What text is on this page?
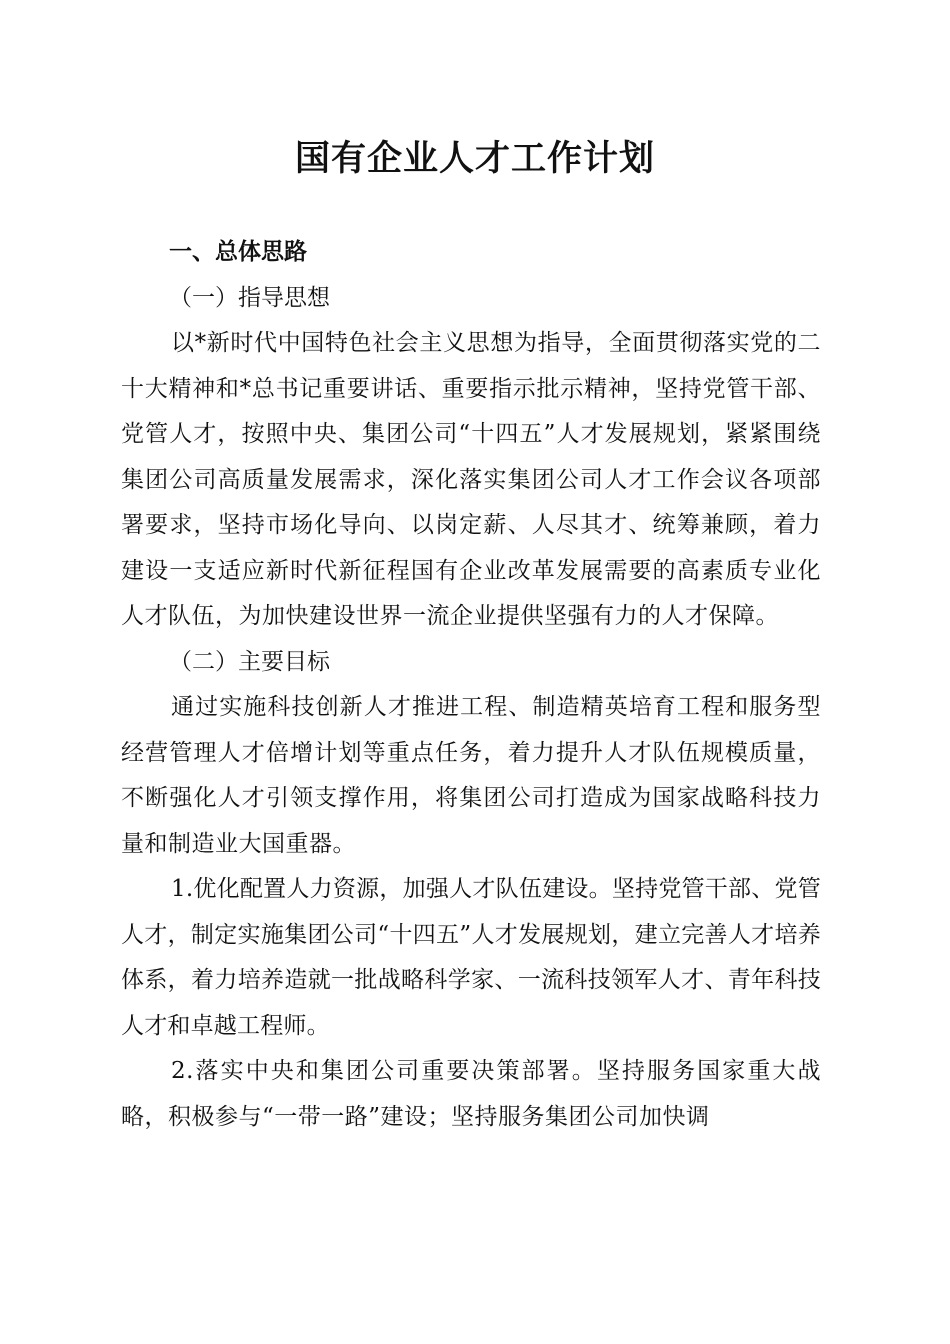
国有企业人才工作计划

一、总体思路

（一）指导思想

以*新时代中国特色社会主义思想为指导，全面贯彻落实党的二十大精神和*总书记重要讲话、重要指示批示精神，坚持党管干部、党管人才，按照中央、集团公司“十四五”人才发展规划，紧紧围绕集团公司高质量发展需求，深化落实集团公司人才工作会议各项部署要求，坚持市场化导向、以岗定薪、人尽其才、统筹兼顾，着力建设一支适应新时代新征程国有企业改革发展需要的高素质专业化人才队伍，为加快建设世界一流企业提供坚强有力的人才保障。

（二）主要目标

通过实施科技创新人才推进工程、制造精英培育工程和服务型经营管理人才倍增计划等重点任务，着力提升人才队伍规模质量，不断强化人才引领支撑作用，将集团公司打造成为国家战略科技力量和制造业大国重器。

1.优化配置人力资源，加强人才队伍建设。坚持党管干部、党管人才，制定实施集团公司“十四五”人才发展规划，建立完善人才培养体系，着力培养造就一批战略科学家、一流科技领军人才、青年科技人才和卓越工程师。

2.落实中央和集团公司重要决策部署。坚持服务国家重大战略，积极参与“一带一路”建设；坚持服务集团公司加快调
